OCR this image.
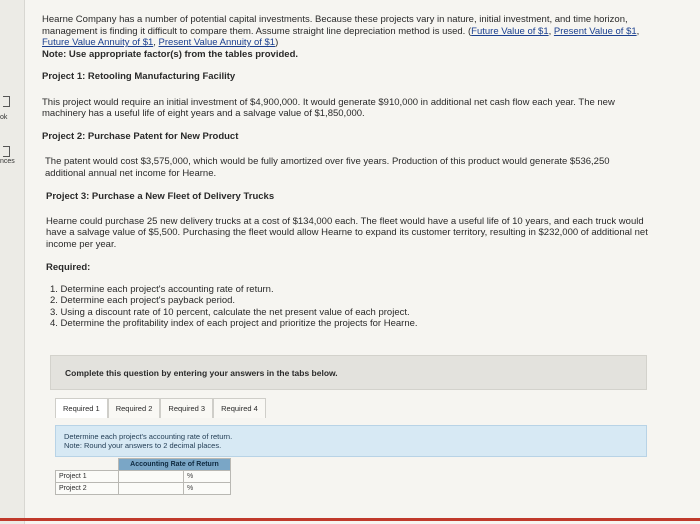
ok
nces

Hearne Company has a number of potential capital investments. Because these projects vary in nature, initial investment, and time horizon, management is finding it difficult to compare them. Assume straight line depreciation method is used. (Future Value of $1, Present Value of $1, Future Value Annuity of $1, Present Value Annuity of $1)

Note: Use appropriate factor(s) from the tables provided.

Project 1: Retooling Manufacturing Facility

This project would require an initial investment of $4,900,000. It would generate $910,000 in additional net cash flow each year. The new machinery has a useful life of eight years and a salvage value of $1,850,000.

Project 2: Purchase Patent for New Product

The patent would cost $3,575,000, which would be fully amortized over five years. Production of this product would generate $536,250 additional annual net income for Hearne.

Project 3: Purchase a New Fleet of Delivery Trucks

Hearne could purchase 25 new delivery trucks at a cost of $134,000 each. The fleet would have a useful life of 10 years, and each truck would have a salvage value of $5,500. Purchasing the fleet would allow Hearne to expand its customer territory, resulting in $232,000 of additional net income per year.

Required:

1. Determine each project's accounting rate of return.
2. Determine each project's payback period.
3. Using a discount rate of 10 percent, calculate the net present value of each project.
4. Determine the profitability index of each project and prioritize the projects for Hearne.
Complete this question by entering your answers in the tabs below.
Required 1	Required 2	Required 3	Required 4
Determine each project's accounting rate of return.
Note: Round your answers to 2 decimal places.
	Accounting Rate of Return	
Project 1		%
Project 2		%
